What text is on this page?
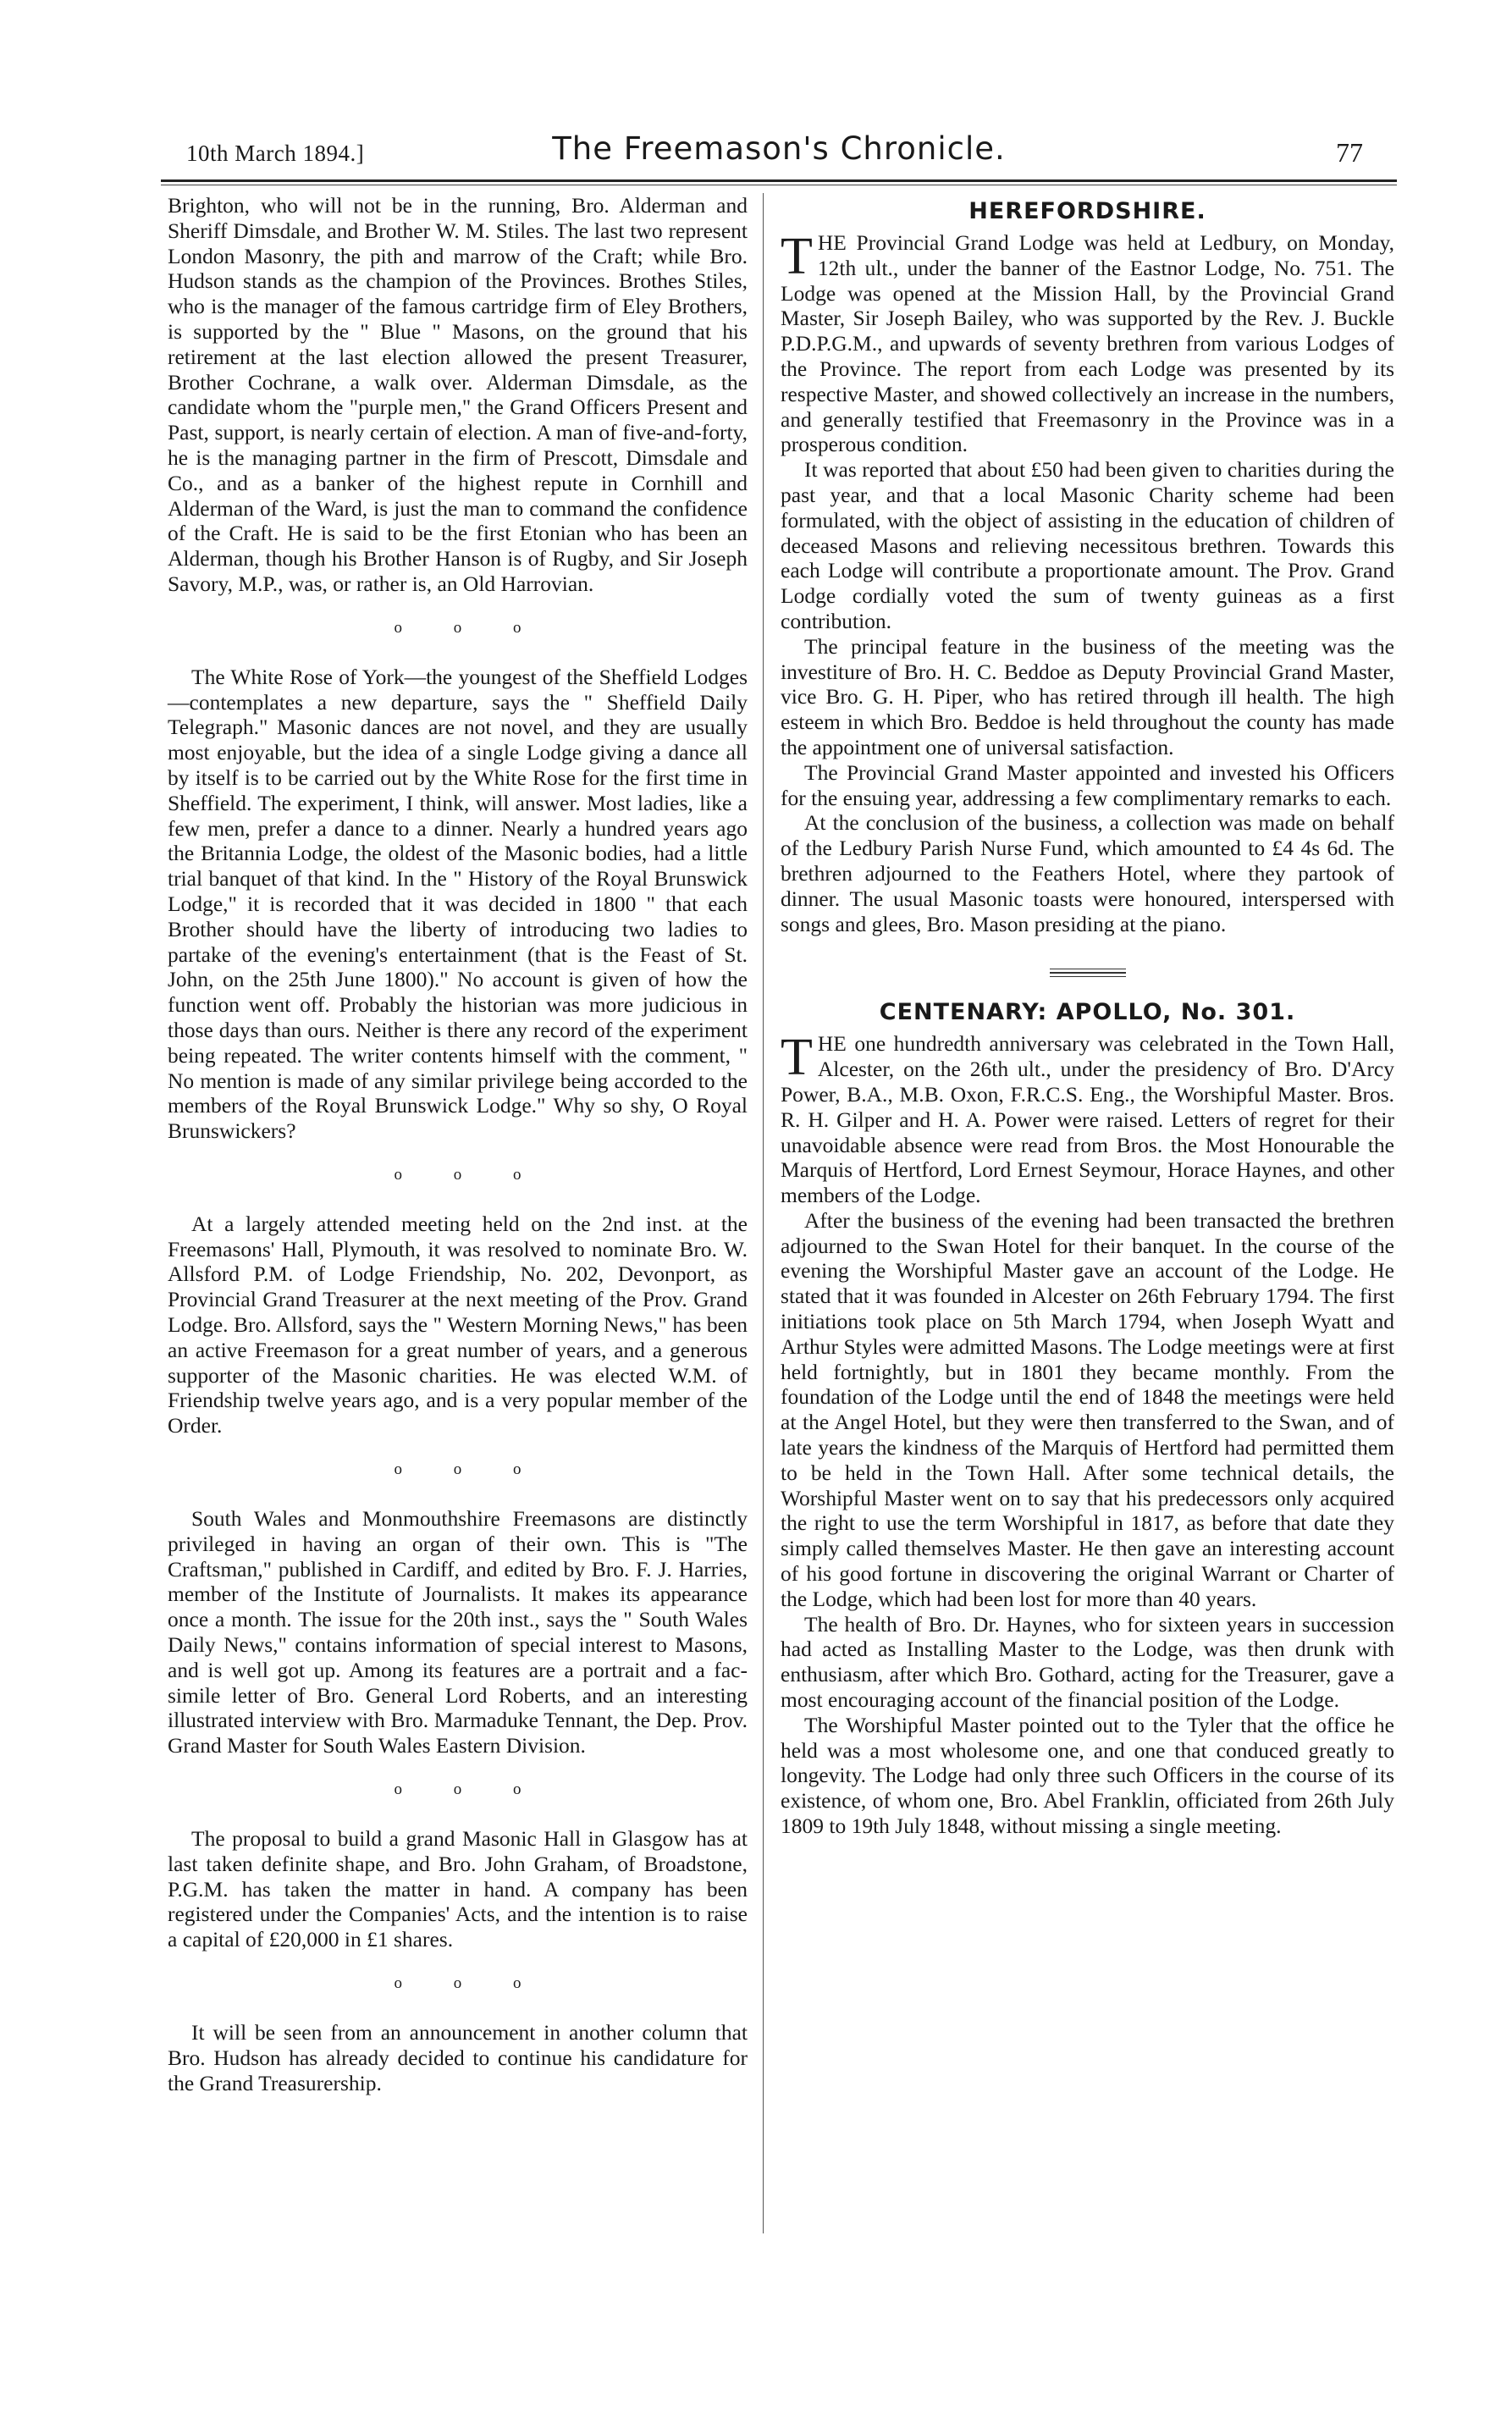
10th March 1894.]	The Freemason's Chronicle.	77

Brighton, who will not be in the running, Bro. Alderman and Sheriff Dimsdale, and Brother W. M. Stiles. The last two represent London Masonry, the pith and marrow of the Craft; while Bro. Hudson stands as the champion of the Provinces. Brothes Stiles, who is the manager of the famous cartridge firm of Eley Brothers, is supported by the " Blue " Masons, on the ground that his retirement at the last election allowed the present Treasurer, Brother Cochrane, a walk over. Alderman Dimsdale, as the candidate whom the "purple men," the Grand Officers Present and Past, support, is nearly certain of election. A man of five-and-forty, he is the managing partner in the firm of Prescott, Dimsdale and Co., and as a banker of the highest repute in Cornhill and Alderman of the Ward, is just the man to command the confidence of the Craft. He is said to be the first Etonian who has been an Alderman, though his Brother Hanson is of Rugby, and Sir Joseph Savory, M.P., was, or rather is, an Old Harrovian.

o o o

The White Rose of York—the youngest of the Sheffield Lodges—contemplates a new departure, says the " Sheffield Daily Telegraph." Masonic dances are not novel, and they are usually most enjoyable, but the idea of a single Lodge giving a dance all by itself is to be carried out by the White Rose for the first time in Sheffield. The experiment, I think, will answer. Most ladies, like a few men, prefer a dance to a dinner. Nearly a hundred years ago the Britannia Lodge, the oldest of the Masonic bodies, had a little trial banquet of that kind. In the " History of the Royal Brunswick Lodge," it is recorded that it was decided in 1800 " that each Brother should have the liberty of introducing two ladies to partake of the evening's entertainment (that is the Feast of St. John, on the 25th June 1800)." No account is given of how the function went off. Probably the historian was more judicious in those days than ours. Neither is there any record of the experiment being repeated. The writer contents himself with the comment, " No mention is made of any similar privilege being accorded to the members of the Royal Brunswick Lodge." Why so shy, O Royal Brunswickers?

o o o

At a largely attended meeting held on the 2nd inst. at the Freemasons' Hall, Plymouth, it was resolved to nominate Bro. W. Allsford P.M. of Lodge Friendship, No. 202, Devonport, as Provincial Grand Treasurer at the next meeting of the Prov. Grand Lodge. Bro. Allsford, says the " Western Morning News," has been an active Freemason for a great number of years, and a generous supporter of the Masonic charities. He was elected W.M. of Friendship twelve years ago, and is a very popular member of the Order.

o o o

South Wales and Monmouthshire Freemasons are distinctly privileged in having an organ of their own. This is "The Craftsman," published in Cardiff, and edited by Bro. F. J. Harries, member of the Institute of Journalists. It makes its appearance once a month. The issue for the 20th inst., says the " South Wales Daily News," contains information of special interest to Masons, and is well got up. Among its features are a portrait and a fac-simile letter of Bro. General Lord Roberts, and an interesting illustrated interview with Bro. Marmaduke Tennant, the Dep. Prov. Grand Master for South Wales Eastern Division.

o o o

The proposal to build a grand Masonic Hall in Glasgow has at last taken definite shape, and Bro. John Graham, of Broadstone, P.G.M. has taken the matter in hand. A company has been registered under the Companies' Acts, and the intention is to raise a capital of £20,000 in £1 shares.

o o o

It will be seen from an announcement in another column that Bro. Hudson has already decided to continue his candidature for the Grand Treasurership.

HEREFORDSHIRE.

THE Provincial Grand Lodge was held at Ledbury, on Monday, 12th ult., under the banner of the Eastnor Lodge, No. 751. The Lodge was opened at the Mission Hall, by the Provincial Grand Master, Sir Joseph Bailey, who was supported by the Rev. J. Buckle P.D.P.G.M., and upwards of seventy brethren from various Lodges of the Province. The report from each Lodge was presented by its respective Master, and showed collectively an increase in the numbers, and generally testified that Freemasonry in the Province was in a prosperous condition.

It was reported that about £50 had been given to charities during the past year, and that a local Masonic Charity scheme had been formulated, with the object of assisting in the education of children of deceased Masons and relieving necessitous brethren. Towards this each Lodge will contribute a proportionate amount. The Prov. Grand Lodge cordially voted the sum of twenty guineas as a first contribution.

The principal feature in the business of the meeting was the investiture of Bro. H. C. Beddoe as Deputy Provincial Grand Master, vice Bro. G. H. Piper, who has retired through ill health. The high esteem in which Bro. Beddoe is held throughout the county has made the appointment one of universal satisfaction.

The Provincial Grand Master appointed and invested his Officers for the ensuing year, addressing a few complimentary remarks to each.

At the conclusion of the business, a collection was made on behalf of the Ledbury Parish Nurse Fund, which amounted to £4 4s 6d. The brethren adjourned to the Feathers Hotel, where they partook of dinner. The usual Masonic toasts were honoured, interspersed with songs and glees, Bro. Mason presiding at the piano.

CENTENARY: APOLLO, No. 301.

THE one hundredth anniversary was celebrated in the Town Hall, Alcester, on the 26th ult., under the presidency of Bro. D'Arcy Power, B.A., M.B. Oxon, F.R.C.S. Eng., the Worshipful Master. Bros. R. H. Gilper and H. A. Power were raised. Letters of regret for their unavoidable absence were read from Bros. the Most Honourable the Marquis of Hertford, Lord Ernest Seymour, Horace Haynes, and other members of the Lodge.

After the business of the evening had been transacted the brethren adjourned to the Swan Hotel for their banquet. In the course of the evening the Worshipful Master gave an account of the Lodge. He stated that it was founded in Alcester on 26th February 1794. The first initiations took place on 5th March 1794, when Joseph Wyatt and Arthur Styles were admitted Masons. The Lodge meetings were at first held fortnightly, but in 1801 they became monthly. From the foundation of the Lodge until the end of 1848 the meetings were held at the Angel Hotel, but they were then transferred to the Swan, and of late years the kindness of the Marquis of Hertford had permitted them to be held in the Town Hall. After some technical details, the Worshipful Master went on to say that his predecessors only acquired the right to use the term Worshipful in 1817, as before that date they simply called themselves Master. He then gave an interesting account of his good fortune in discovering the original Warrant or Charter of the Lodge, which had been lost for more than 40 years.

The health of Bro. Dr. Haynes, who for sixteen years in succession had acted as Installing Master to the Lodge, was then drunk with enthusiasm, after which Bro. Gothard, acting for the Treasurer, gave a most encouraging account of the financial position of the Lodge.

The Worshipful Master pointed out to the Tyler that the office he held was a most wholesome one, and one that conduced greatly to longevity. The Lodge had only three such Officers in the course of its existence, of whom one, Bro. Abel Franklin, officiated from 26th July 1809 to 19th July 1848, without missing a single meeting.
